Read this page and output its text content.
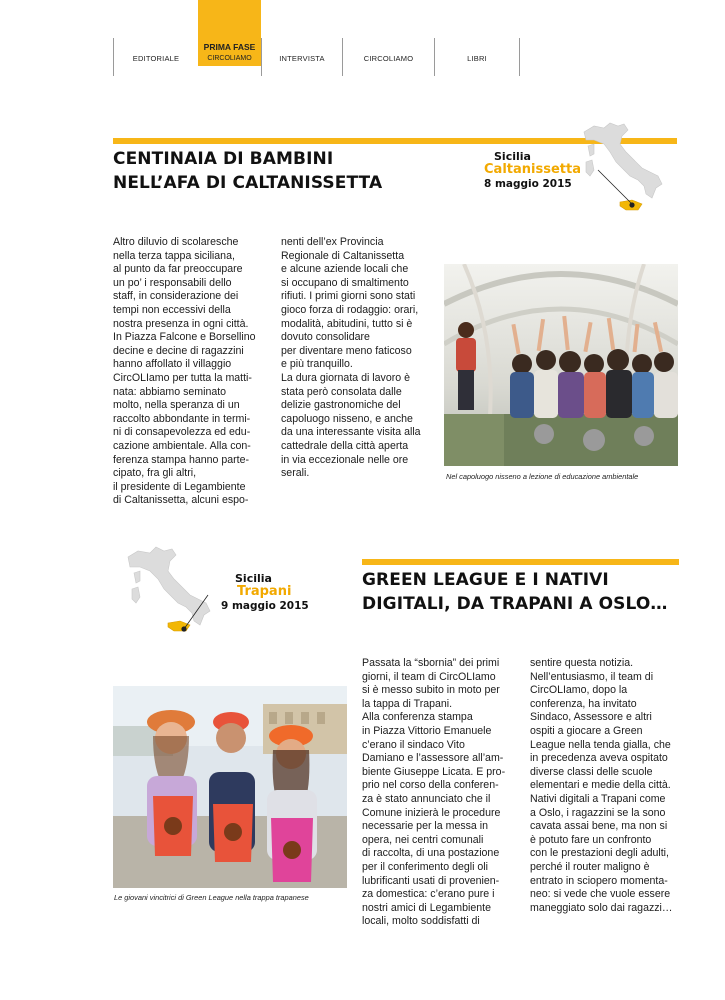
EDITORIALE
PRIMA FASE
CIRCOLIAMO	INTERVISTA	CIRCOLIAMO	LIBRI
CENTINAIA DI BAMBINI
NELL’AFA DI CALTANISSETTA
Sicilia
Caltanissetta
8 maggio 2015

Altro diluvio di scolaresche

nella terza tappa siciliana,

al punto da far preoccupare

un po’ i responsabili dello

staff, in considerazione dei

tempi non eccessivi della

nostra presenza in ogni città.

In Piazza Falcone e Borsellino

decine e decine di ragazzini

hanno affollato il villaggio

CircOLIamo per tutta la matti-

nata: abbiamo seminato

molto, nella speranza di un

raccolto abbondante in termi-

ni di consapevolezza ed edu-

cazione ambientale. Alla con-

ferenza stampa hanno parte-

cipato, fra gli altri,

il presidente di Legambiente

di Caltanissetta, alcuni espo-

nenti dell’ex Provincia

Regionale di Caltanissetta

e alcune aziende locali che

si occupano di smaltimento

rifiuti. I primi giorni sono stati

gioco forza di rodaggio: orari,

modalità, abitudini, tutto si è

dovuto consolidare

per diventare meno faticoso

e più tranquillo.

La dura giornata di lavoro è

stata però consolata dalle

delizie gastronomiche del

capoluogo nisseno, e anche

da una interessante visita alla

cattedrale della città aperta

in via eccezionale nelle ore

serali.	Nel capoluogo nisseno a lezione di educazione ambientale
Sicilia
Trapani
9 maggio 2015
GREEN LEAGUE E I NATIVI
DIGITALI, DA TRAPANI A OSLO…
Le giovani vincitrici di Green League nella trappa trapanese

Passata la “sbornia” dei primi

giorni, il team di CircOLIamo

si è messo subito in moto per

la tappa di Trapani.

Alla conferenza stampa

in Piazza Vittorio Emanuele

c’erano il sindaco Vito

Damiano e l’assessore all’am-

biente Giuseppe Licata. E pro-

prio nel corso della conferen-

za è stato annunciato che il

Comune inizierà le procedure

necessarie per la messa in

opera, nei centri comunali

di raccolta, di una postazione

per il conferimento degli oli

lubrificanti usati di provenien-

za domestica: c’erano pure i

nostri amici di Legambiente

locali, molto soddisfatti di

sentire questa notizia.

Nell’entusiasmo, il team di

CircOLIamo, dopo la

conferenza, ha invitato

Sindaco, Assessore e altri

ospiti a giocare a Green

League nella tenda gialla, che

in precedenza aveva ospitato

diverse classi delle scuole

elementari e medie della città.

Nativi digitali a Trapani come

a Oslo, i ragazzini se la sono

cavata assai bene, ma non si

è potuto fare un confronto

con le prestazioni degli adulti,

perché il router maligno è

entrato in sciopero momenta-

neo: si vede che vuole essere

maneggiato solo dai ragazzi…
